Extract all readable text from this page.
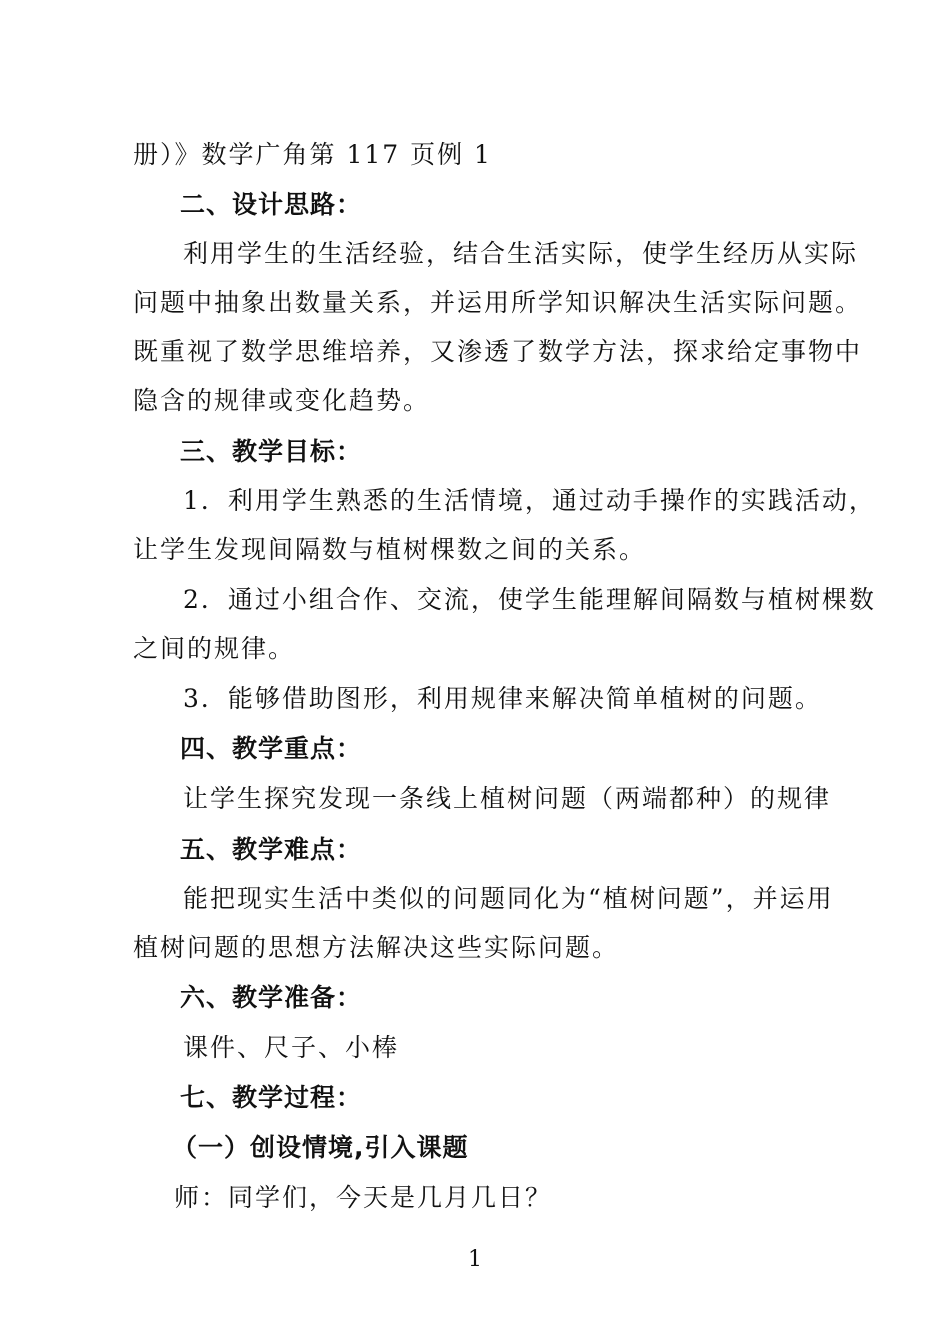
册）》数学广角第 117 页例 1
二、设计思路：
利用学生的生活经验，结合生活实际，使学生经历从实际
问题中抽象出数量关系，并运用所学知识解决生活实际问题。
既重视了数学思维培养，又渗透了数学方法，探求给定事物中
隐含的规律或变化趋势。
三、教学目标：
1．利用学生熟悉的生活情境，通过动手操作的实践活动，
让学生发现间隔数与植树棵数之间的关系。
2．通过小组合作、交流，使学生能理解间隔数与植树棵数
之间的规律。
3．能够借助图形，利用规律来解决简单植树的问题。
四、教学重点：
让学生探究发现一条线上植树问题（两端都种）的规律
五、教学难点：
能把现实生活中类似的问题同化为“植树问题”，并运用
植树问题的思想方法解决这些实际问题。
六、教学准备：
课件、尺子、小棒
七、教学过程：
（一）创设情境,引入课题
师：同学们，今天是几月几日？
1
